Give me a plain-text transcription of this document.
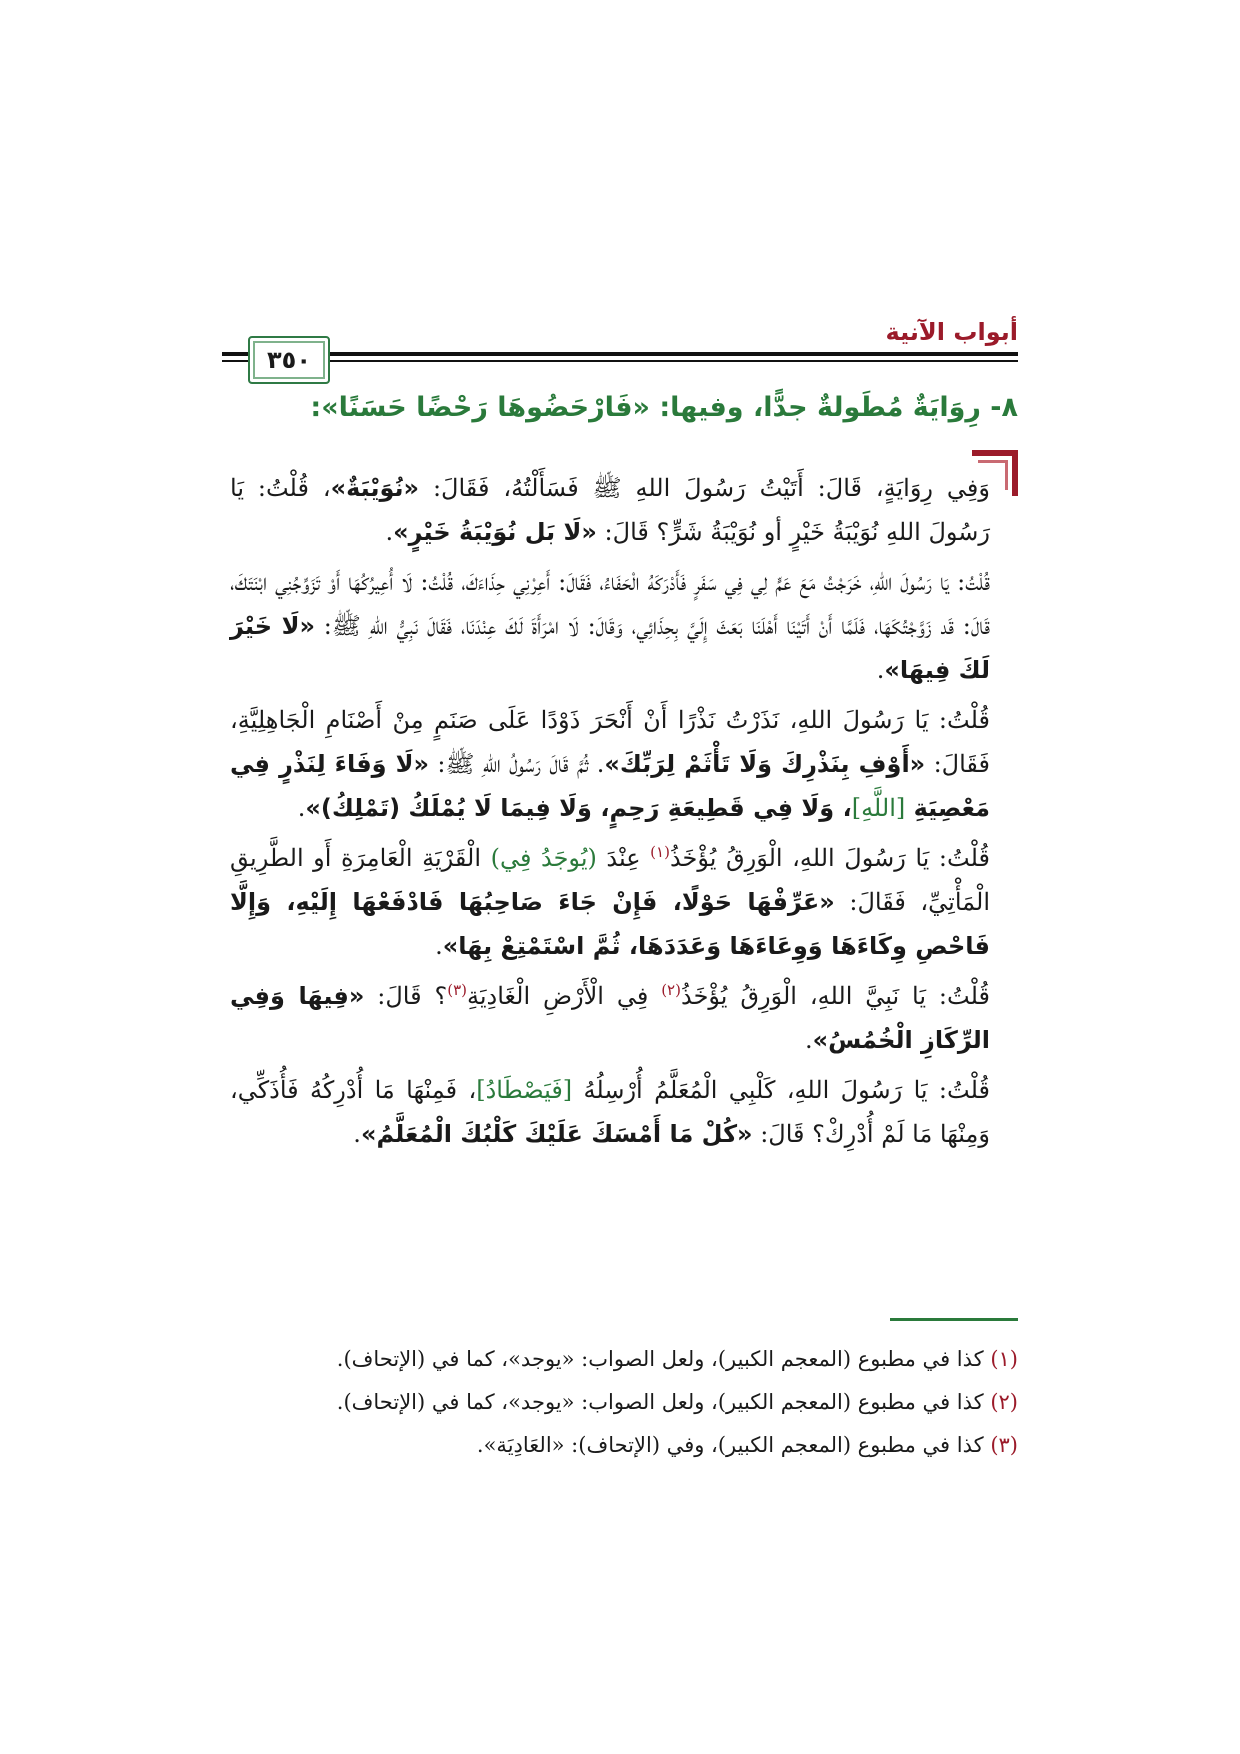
أبواب الآنية
٣٥٠
٨- رِوَايَةٌ مُطَولةٌ جدًّا، وفيها: «فَارْحَضُوهَا رَحْضًا حَسَنًا»:

وَفِي رِوَايَةٍ، قَالَ: أَتَيْتُ رَسُولَ اللهِ ﷺ فَسَأَلْتُهُ، فَقَالَ: «نُوَيْبَةٌ»، قُلْتُ: يَا رَسُولَ اللهِ نُوَيْبَةُ خَيْرٍ أو نُوَيْبَةُ شَرٍّ؟ قَالَ: «لَا بَل نُوَيْبَةُ خَيْرٍ».

قُلْتُ: يَا رَسُولَ اللهِ، خَرَجْتُ مَعَ عَمٍّ لِي فِي سَفَرٍ فَأَدْرَكَهُ الْحَفَاءُ، فَقَالَ: أَعِرْنِي حِذَاءَكَ، قُلْتُ: لَا أُعِيرُكُهَا أَوْ تَزَوِّجُنِي ابْنَتَكَ، قَالَ: قَد زَوَّجْتُكَهَا، فَلَمَّا أَنْ أَتَيْنَا أَهْلَنَا بَعَثَ إِلَيَّ بِحِذَائِي، وَقَالَ: لَا امْرَأَةَ لَكَ عِنْدَنَا، فَقَالَ نَبِيُّ اللهِ ﷺ: «لَا خَيْرَ لَكَ فِيهَا».

قُلْتُ: يَا رَسُولَ اللهِ، نَذَرْتُ نَذْرًا أَنْ أَنْحَرَ ذَوْدًا عَلَى صَنَمٍ مِنْ أَصْنَامِ الْجَاهِلِيَّةِ، فَقَالَ: «أَوْفِ بِنَذْرِكَ وَلَا تَأْثَمْ لِرَبِّكَ». ثُمَّ قَالَ رَسُولُ اللهِ ﷺ: «لَا وَفَاءَ لِنَذْرٍ فِي مَعْصِيَةِ [اللَّهِ]، وَلَا فِي قَطِيعَةِ رَحِمٍ، وَلَا فِيمَا لَا يُمْلَكُ (تَمْلِكُ)».

قُلْتُ: يَا رَسُولَ اللهِ، الْوَرِقُ يُؤْخَذُ$^{(١)}$ عِنْدَ (يُوجَدُ فِي) الْقَرْيَةِ الْعَامِرَةِ أَو الطَّرِيقِ الْمَأْتِيِّ، فَقَالَ: «عَرِّفْهَا حَوْلًا، فَإِنْ جَاءَ صَاحِبُهَا فَادْفَعْهَا إِلَيْهِ، وَإِلَّا فَاحْصِ وِكَاءَهَا وَوِعَاءَهَا وَعَدَدَهَا، ثُمَّ اسْتَمْتِعْ بِهَا».

قُلْتُ: يَا نَبِيَّ اللهِ، الْوَرِقُ يُؤْخَذُ$^{(٢)}$ فِي الْأَرْضِ الْغَادِيَةِ$^{(٣)}$؟ قَالَ: «فِيهَا وَفِي الرِّكَازِ الْخُمُسُ».

قُلْتُ: يَا رَسُولَ اللهِ، كَلْبِي الْمُعَلَّمُ أُرْسِلُهُ [فَيَصْطَادُ]، فَمِنْهَا مَا أُدْرِكُهُ فَأُذَكِّي، وَمِنْهَا مَا لَمْ أُدْرِكْ؟ قَالَ: «كُلْ مَا أَمْسَكَ عَلَيْكَ كَلْبُكَ الْمُعَلَّمُ».

(١) كذا في مطبوع (المعجم الكبير)، ولعل الصواب: «يوجد»، كما في (الإتحاف).
(٢) كذا في مطبوع (المعجم الكبير)، ولعل الصواب: «يوجد»، كما في (الإتحاف).
(٣) كذا في مطبوع (المعجم الكبير)، وفي (الإتحاف): «العَادِيَة».
